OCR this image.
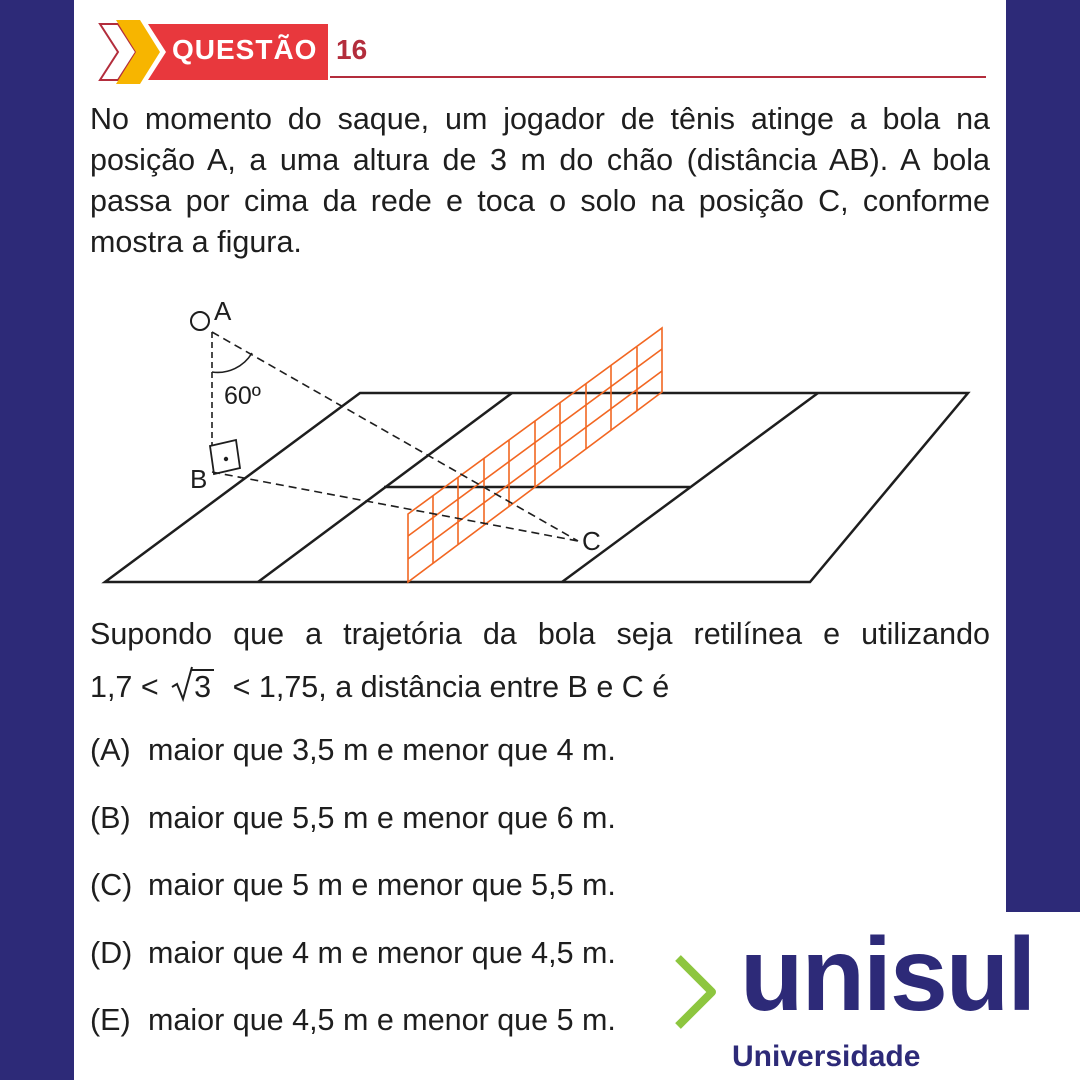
QUESTÃO 16
No momento do saque, um jogador de tênis atinge a bola na
posição A, a uma altura de 3 m do chão (distância AB). A bola
passa por cima da rede e toca o solo na posição C, conforme
mostra a figura.
A
B
C
60º
Supondo que a trajetória da bola seja retilínea e utilizando
1,7 < 3 < 1,75, a distância entre B e C é
(A) maior que 3,5 m e menor que 4 m.
(B) maior que 5,5 m e menor que 6 m.
(C) maior que 5 m e menor que 5,5 m.
(D) maior que 4 m e menor que 4,5 m.
(E) maior que 4,5 m e menor que 5 m.	unisul
Universidade
